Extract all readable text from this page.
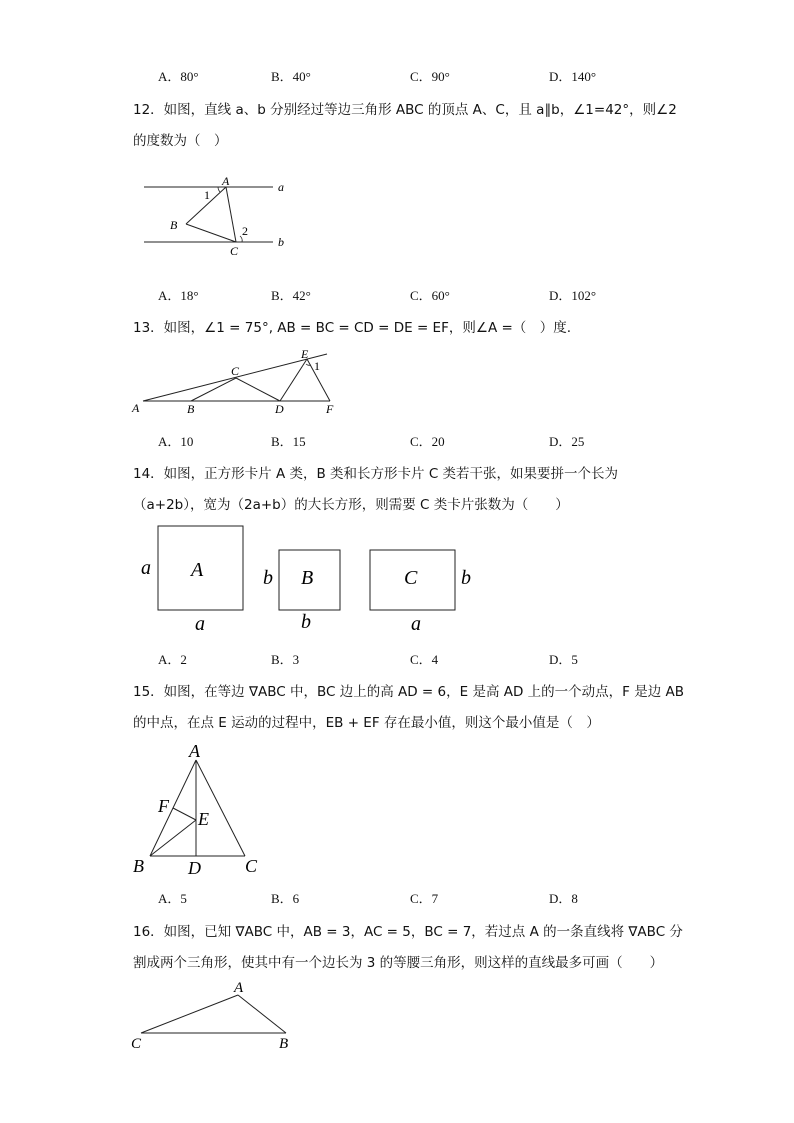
A．80°	B．40°	C．90°	D．140°
12．如图，直线 a、b 分别经过等边三角形 ABC 的顶点 A、C，且 a∥b，∠1=42°，则∠2
的度数为（　）
A
B
C
1
2
a
b
A．18°	B．42°	C．60°	D．102°
13．如图，∠1 = 75°, AB = BC = CD = DE = EF，则∠A =（　）度.
A	B
C
D
E
F
1
A．10	B．15	C．20	D．25
14．如图，正方形卡片 A 类，B 类和长方形卡片 C 类若干张，如果要拼一个长为
（a+2b），宽为（2a+b）的大长方形，则需要 C 类卡片张数为（　　）
A	B	C
a
a
b
b
b
a
A．2	B．3	C．4	D．5
15．如图，在等边 ∇ABC 中，BC 边上的高 AD = 6，E 是高 AD 上的一个动点，F 是边 AB
的中点，在点 E 运动的过程中，EB + EF 存在最小值，则这个最小值是（　）
A
B	C
D
E
F
A．5	B．6	C．7	D．8
16．如图，已知 ∇ABC 中，AB = 3，AC = 5，BC = 7，若过点 A 的一条直线将 ∇ABC 分
割成两个三角形，使其中有一个边长为 3 的等腰三角形，则这样的直线最多可画（　　）
A
C	B
